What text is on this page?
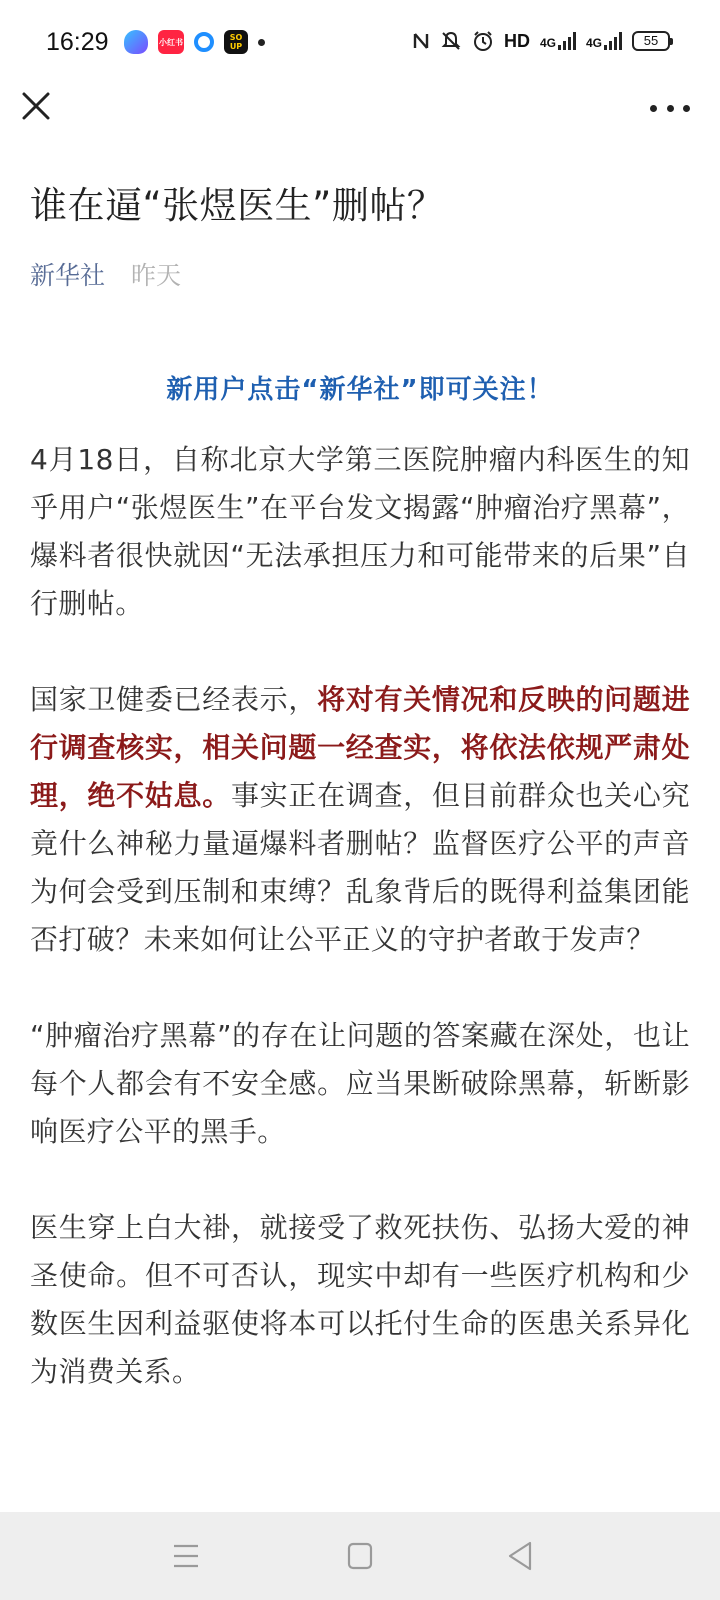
16:29	小红书	SO UP	HD 4G	4G	55
谁在逼“张煜医生”删帖？
新华社 昨天
新用户点击“新华社”即可关注！

4月18日，自称北京大学第三医院肿瘤内科医生的知乎用户“张煜医生”在平台发文揭露“肿瘤治疗黑幕”，爆料者很快就因“无法承担压力和可能带来的后果”自行删帖。

国家卫健委已经表示，将对有关情况和反映的问题进行调查核实，相关问题一经查实，将依法依规严肃处理，绝不姑息。事实正在调查，但目前群众也关心究竟什么神秘力量逼爆料者删帖？监督医疗公平的声音为何会受到压制和束缚？乱象背后的既得利益集团能否打破？未来如何让公平正义的守护者敢于发声？

“肿瘤治疗黑幕”的存在让问题的答案藏在深处，也让每个人都会有不安全感。应当果断破除黑幕，斩断影响医疗公平的黑手。

医生穿上白大褂，就接受了救死扶伤、弘扬大爱的神圣使命。但不可否认，现实中却有一些医疗机构和少数医生因利益驱使将本可以托付生命的医患关系异化为消费关系。
